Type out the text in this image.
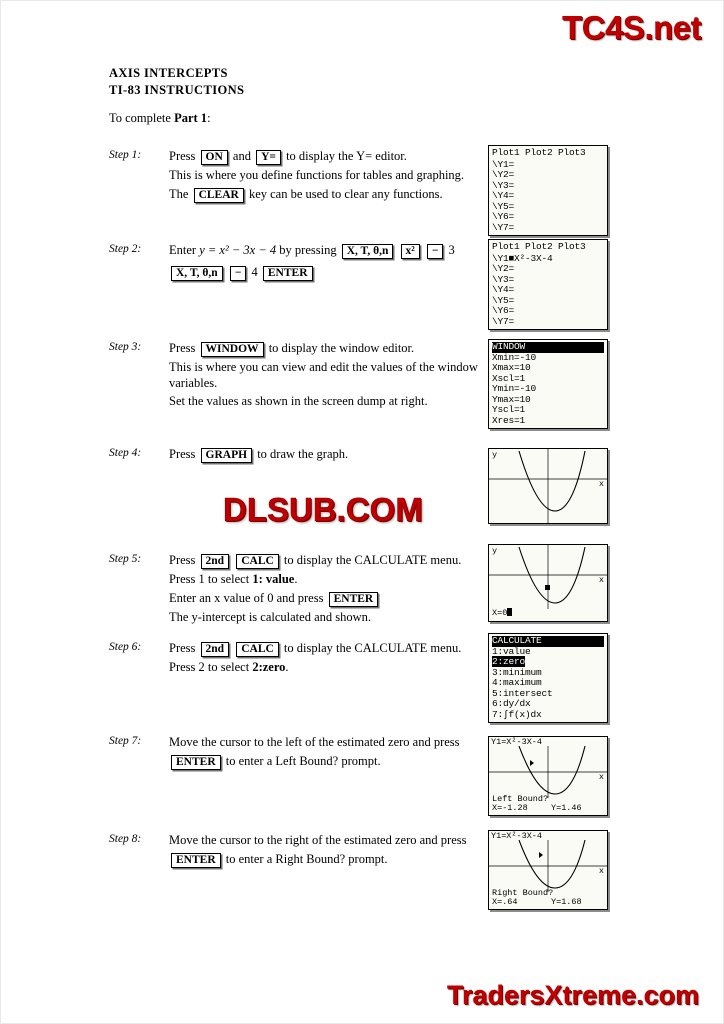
TC4S.net
DLSUB.COM
TradersXtreme.com
AXIS INTERCEPTS
TI-83 INSTRUCTIONS
To complete Part 1:
Step 1:	Press ON and Y= to display the Y= editor.

This is where you define functions for tables and graphing.

The CLEAR key can be used to clear any functions.

Plot1 Plot2 Plot3
\Y1=
\Y2=
\Y3=
\Y4=
\Y5=
\Y6=
\Y7=
Step 2:	Enter y = x² − 3x − 4 by pressing X, T, θ,n x² − 3

X, T, θ,n − 4 ENTER

Plot1 Plot2 Plot3
\Y1■X²-3X-4
\Y2=
\Y3=
\Y4=
\Y5=
\Y6=
\Y7=
Step 3:	Press WINDOW to display the window editor.

This is where you can view and edit the values of the window variables.

Set the values as shown in the screen dump at right.

WINDOW
Xmin=-10
Xmax=10
Xscl=1
Ymin=-10
Ymax=10
Yscl=1
Xres=1
Step 4:	Press GRAPH to draw the graph.	y
x
Step 5:	Press 2nd CALC to display the CALCULATE menu.

Press 1 to select 1: value.

Enter an x value of 0 and press ENTER

The y-intercept is calculated and shown.

y
x
X=0
Step 6:	Press 2nd CALC to display the CALCULATE menu.

Press 2 to select 2:zero.

CALCULATE
1:value
2:zero
3:minimum
4:maximum
5:intersect
6:dy/dx
7:∫f(x)dx
Step 7:	Move the cursor to the left of the estimated zero and press

ENTER to enter a Left Bound? prompt.

Y1=X²-3X-4
x
Left Bound?
X=-1.28	Y=1.46
Step 8:	Move the cursor to the right of the estimated zero and press

ENTER to enter a Right Bound? prompt.

Y1=X²-3X-4
x
Right Bound?
X=.64	Y=1.68
